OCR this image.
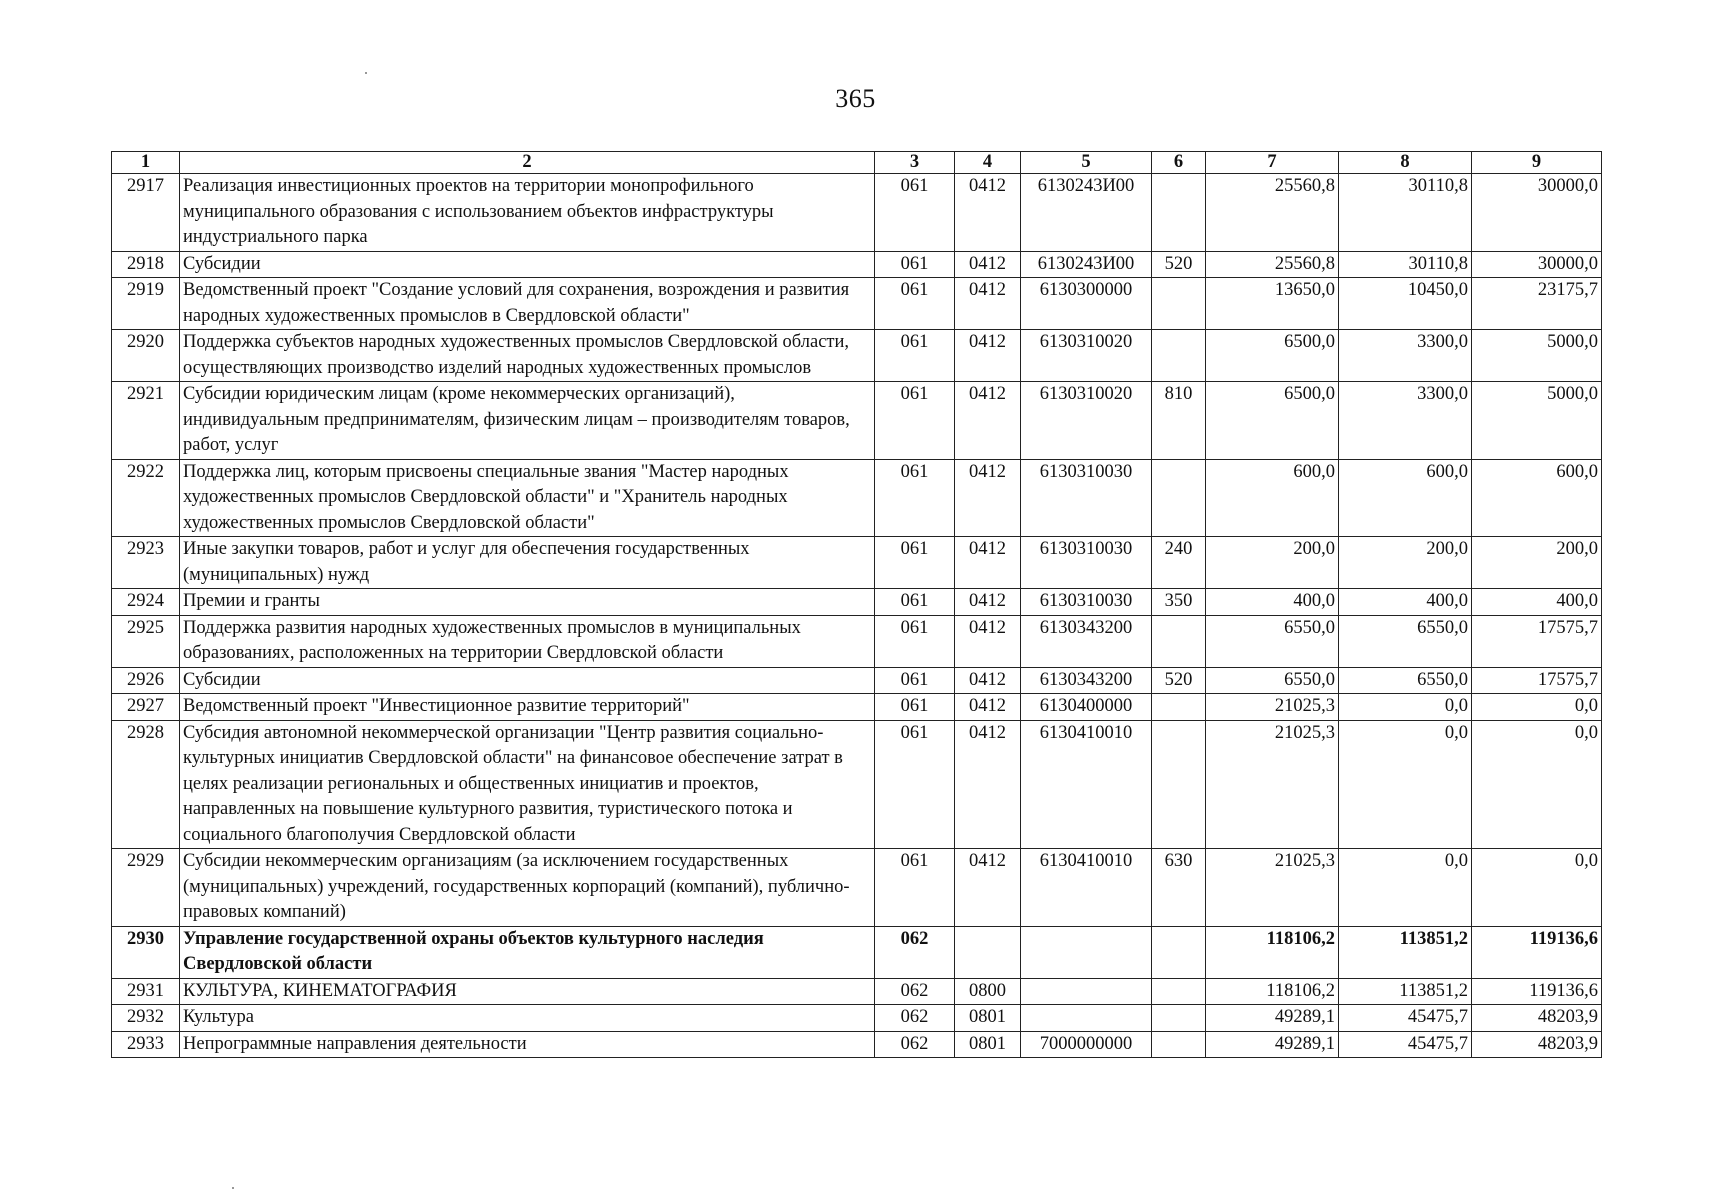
365
1	2	3	4	5	6	7	8	9
2917	Реализация инвестиционных проектов на территории монопрофильного муниципального образования с использованием объектов инфраструктуры индустриального парка	061	0412	6130243И00		25560,8	30110,8	30000,0
2918	Субсидии	061	0412	6130243И00	520	25560,8	30110,8	30000,0
2919	Ведомственный проект "Создание условий для сохранения, возрождения и развития народных художественных промыслов в Свердловской области"	061	0412	6130300000		13650,0	10450,0	23175,7
2920	Поддержка субъектов народных художественных промыслов Свердловской области, осуществляющих производство изделий народных художественных промыслов	061	0412	6130310020		6500,0	3300,0	5000,0
2921	Субсидии юридическим лицам (кроме некоммерческих организаций), индивидуальным предпринимателям, физическим лицам – производителям товаров, работ, услуг	061	0412	6130310020	810	6500,0	3300,0	5000,0
2922	Поддержка лиц, которым присвоены специальные звания "Мастер народных художественных промыслов Свердловской области" и "Хранитель народных художественных промыслов Свердловской области"	061	0412	6130310030		600,0	600,0	600,0
2923	Иные закупки товаров, работ и услуг для обеспечения государственных (муниципальных) нужд	061	0412	6130310030	240	200,0	200,0	200,0
2924	Премии и гранты	061	0412	6130310030	350	400,0	400,0	400,0
2925	Поддержка развития народных художественных промыслов в муниципальных образованиях, расположенных на территории Свердловской области	061	0412	6130343200		6550,0	6550,0	17575,7
2926	Субсидии	061	0412	6130343200	520	6550,0	6550,0	17575,7
2927	Ведомственный проект "Инвестиционное развитие территорий"	061	0412	6130400000		21025,3	0,0	0,0
2928	Субсидия автономной некоммерческой организации "Центр развития социально-культурных инициатив Свердловской области" на финансовое обеспечение затрат в целях реализации региональных и общественных инициатив и проектов, направленных на повышение культурного развития, туристического потока и социального благополучия Свердловской области	061	0412	6130410010		21025,3	0,0	0,0
2929	Субсидии некоммерческим организациям (за исключением государственных (муниципальных) учреждений, государственных корпораций (компаний), публично-правовых компаний)	061	0412	6130410010	630	21025,3	0,0	0,0
2930	Управление государственной охраны объектов культурного наследия Свердловской области	062				118106,2	113851,2	119136,6
2931	КУЛЬТУРА, КИНЕМАТОГРАФИЯ	062	0800			118106,2	113851,2	119136,6
2932	Культура	062	0801			49289,1	45475,7	48203,9
2933	Непрограммные направления деятельности	062	0801	7000000000		49289,1	45475,7	48203,9
